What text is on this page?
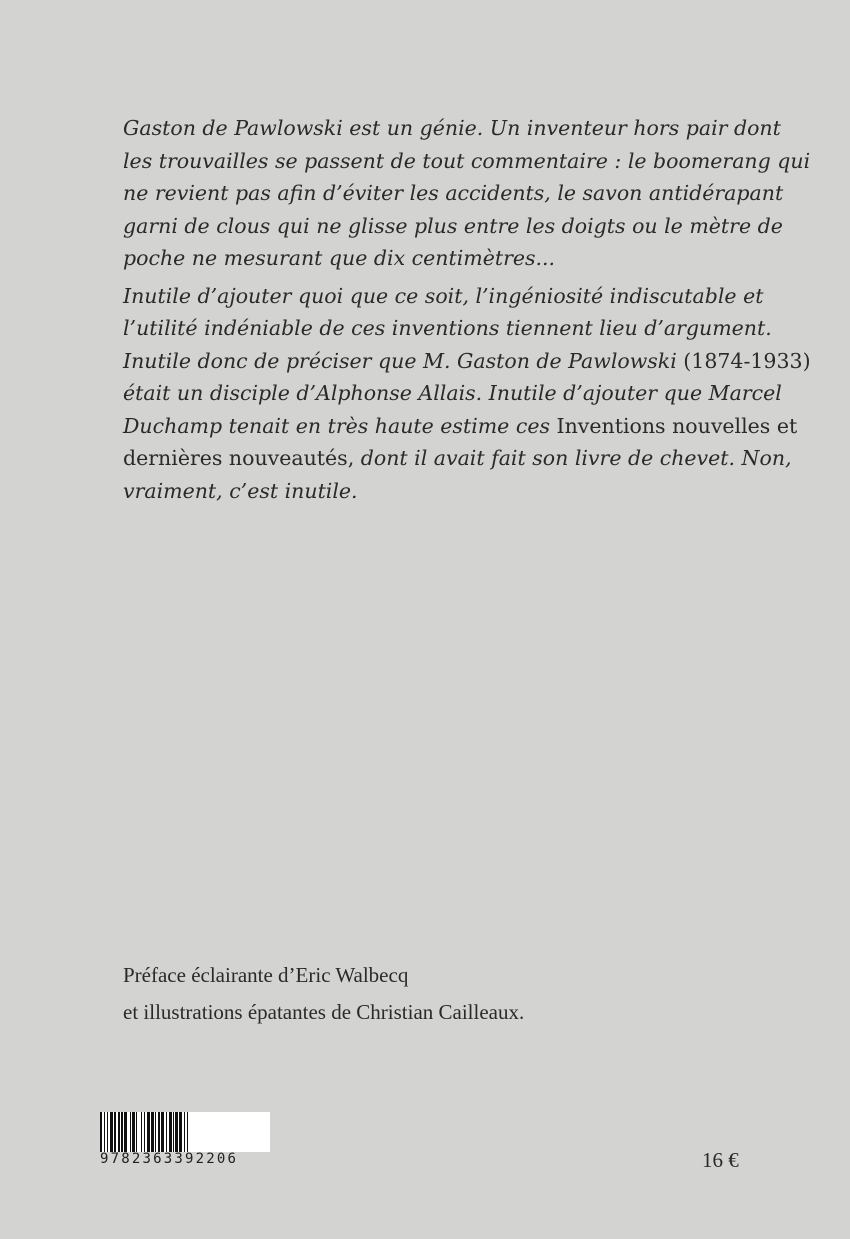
Gaston de Pawlowski est un génie. Un inventeur hors pair dont
les trouvailles se passent de tout commentaire : le boomerang qui
ne revient pas afin d’éviter les accidents, le savon antidérapant
garni de clous qui ne glisse plus entre les doigts ou le mètre de
poche ne mesurant que dix centimètres...
Inutile d’ajouter quoi que ce soit, l’ingéniosité indiscutable et
l’utilité indéniable de ces inventions tiennent lieu d’argument.
Inutile donc de préciser que M. Gaston de Pawlowski (1874-1933)
était un disciple d’Alphonse Allais. Inutile d’ajouter que Marcel
Duchamp tenait en très haute estime ces Inventions nouvelles et
dernières nouveautés, dont il avait fait son livre de chevet. Non,
vraiment, c’est inutile.
Préface éclairante d’Eric Walbecq
et illustrations épatantes de Christian Cailleaux.
9782363392206	16 €
